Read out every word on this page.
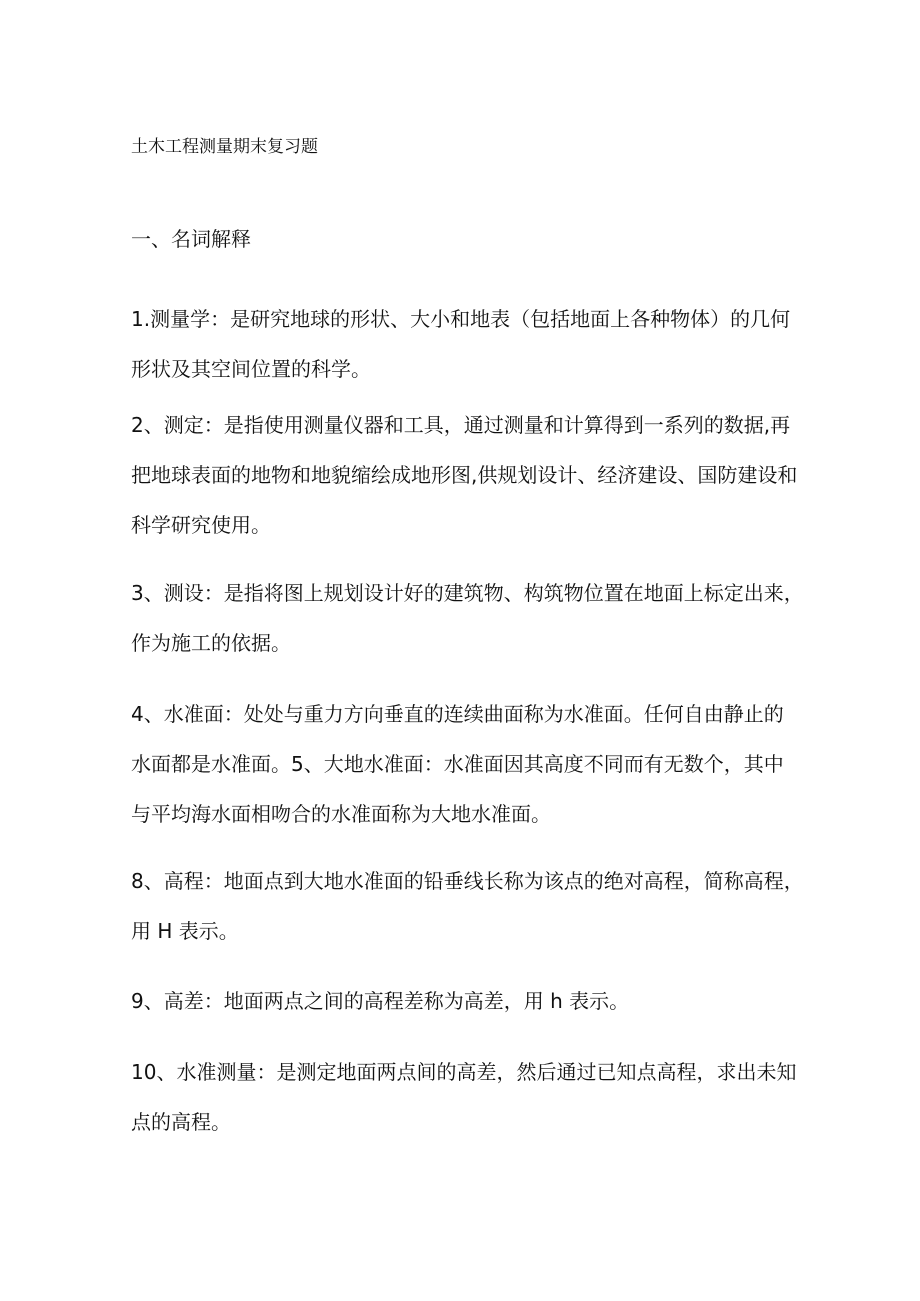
土木工程测量期末复习题
一、名词解释
1.测量学：是研究地球的形状、大小和地表（包括地面上各种物体）的几何
形状及其空间位置的科学。
2、测定：是指使用测量仪器和工具，通过测量和计算得到一系列的数据,再
把地球表面的地物和地貌缩绘成地形图,供规划设计、经济建设、国防建设和
科学研究使用。
3、测设：是指将图上规划设计好的建筑物、构筑物位置在地面上标定出来，
作为施工的依据。
4、水准面：处处与重力方向垂直的连续曲面称为水准面。任何自由静止的
水面都是水准面。5、大地水准面：水准面因其高度不同而有无数个，其中
与平均海水面相吻合的水准面称为大地水准面。
8、高程：地面点到大地水准面的铅垂线长称为该点的绝对高程，简称高程，
用 H 表示。
9、高差：地面两点之间的高程差称为高差，用 h 表示。
10、水准测量：是测定地面两点间的高差，然后通过已知点高程，求出未知
点的高程。
